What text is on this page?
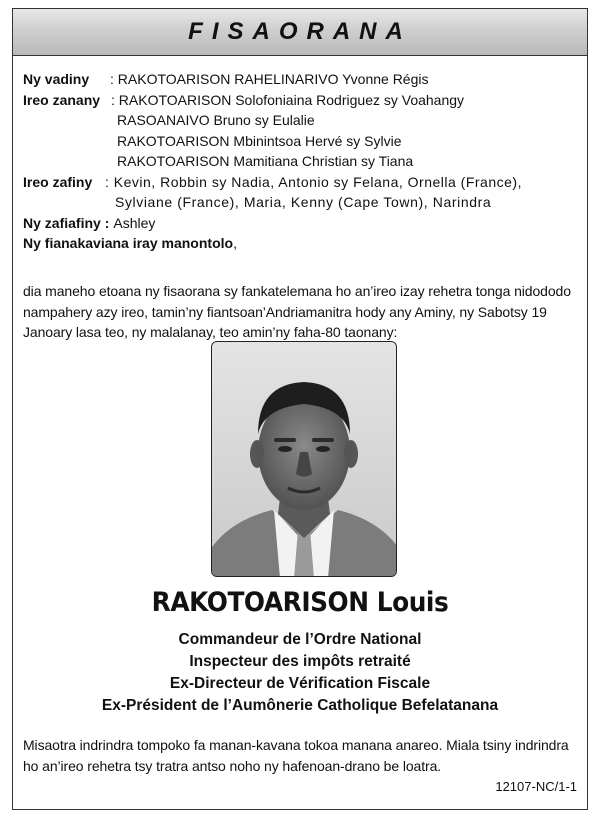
FISAORANA
Ny vadiny	: RAKOTOARISON RAHELINARIVO Yvonne Régis
Ireo zanany : RAKOTOARISON Solofoniaina Rodriguez sy Voahangy
RASOANAIVO Bruno sy Eulalie
RAKOTOARISON Mbinintsoa Hervé sy Sylvie
RAKOTOARISON Mamitiana Christian sy Tiana
Ireo zafiny : Kevin, Robbin sy Nadia, Antonio sy Felana, Ornella (France),
Sylviane (France), Maria, Kenny (Cape Town), Narindra
Ny zafiafiny : Ashley
Ny fianakaviana iray manontolo ,
dia maneho etoana ny fisaorana sy fankatelemana ho an’ireo izay rehetra tonga nidododo nampahery azy ireo, tamin’ny fiantsoan’Andriamanitra hody any Aminy, ny Sabotsy 19 Janoary lasa teo, ny malalanay, teo amin’ny faha-80 taonany:
RAKOTOARISON Louis
Commandeur de l’Ordre National
Inspecteur des impôts retraité
Ex-Directeur de Vérification Fiscale
Ex-Président de l’Aumônerie Catholique Befelatanana
Misaotra indrindra tompoko fa manan-kavana tokoa manana anareo. Miala tsiny indrindra ho an’ireo rehetra tsy tratra antso noho ny hafenoan-drano be loatra.
12107-NC/1-1
